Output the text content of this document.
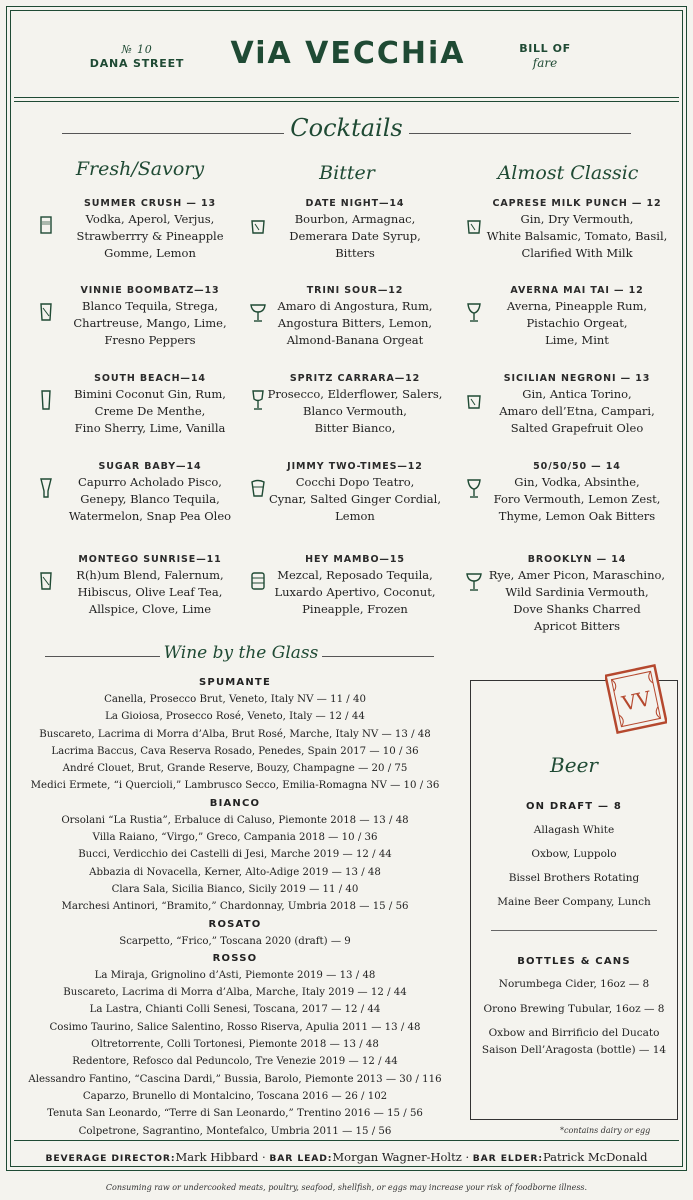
№ 10
DANA STREET	ViA VECCHiA	BILL OF
fare
Cocktails
Fresh/Savory	Bitter	Almost Classic
SUMMER CRUSH — 13
Vodka, Aperol, Verjus,
Strawberrry & Pineapple
Gomme, Lemon
VINNIE BOOMBATZ—13
Blanco Tequila, Strega,
Chartreuse, Mango, Lime,
Fresno Peppers
SOUTH BEACH—14
Bimini Coconut Gin, Rum,
Creme De Menthe,
Fino Sherry, Lime, Vanilla
SUGAR BABY—14
Capurro Acholado Pisco,
Genepy, Blanco Tequila,
Watermelon, Snap Pea Oleo
MONTEGO SUNRISE—11
R(h)um Blend, Falernum,
Hibiscus, Olive Leaf Tea,
Allspice, Clove, Lime
DATE NIGHT—14
Bourbon, Armagnac,
Demerara Date Syrup,
Bitters
TRINI SOUR—12
Amaro di Angostura, Rum,
Angostura Bitters, Lemon,
Almond-Banana Orgeat
SPRITZ CARRARA—12
Prosecco, Elderflower, Salers,
Blanco Vermouth,
Bitter Bianco,
JIMMY TWO-TIMES—12
Cocchi Dopo Teatro,
Cynar, Salted Ginger Cordial,
Lemon
HEY MAMBO—15
Mezcal, Reposado Tequila,
Luxardo Apertivo, Coconut,
Pineapple, Frozen
CAPRESE MILK PUNCH — 12
Gin, Dry Vermouth,
White Balsamic, Tomato, Basil,
Clarified With Milk
AVERNA MAI TAI — 12
Averna, Pineapple Rum,
Pistachio Orgeat,
Lime, Mint
SICILIAN NEGRONI — 13
Gin, Antica Torino,
Amaro dell’Etna, Campari,
Salted Grapefruit Oleo
50/50/50 — 14
Gin, Vodka, Absinthe,
Foro Vermouth, Lemon Zest,
Thyme, Lemon Oak Bitters
BROOKLYN — 14
Rye, Amer Picon, Maraschino,
Wild Sardinia Vermouth,
Dove Shanks Charred
Apricot Bitters
Wine by the Glass
SPUMANTE
Canella, Prosecco Brut, Veneto, Italy NV — 11 / 40
La Gioiosa, Prosecco Rosé, Veneto, Italy — 12 / 44
Buscareto, Lacrima di Morra d’Alba, Brut Rosé, Marche, Italy NV — 13 / 48
Lacrima Baccus, Cava Reserva Rosado, Penedes, Spain 2017 — 10 / 36
André Clouet, Brut, Grande Reserve, Bouzy, Champagne — 20 / 75
Medici Ermete, “i Quercioli,” Lambrusco Secco, Emilia-Romagna NV — 10 / 36
BIANCO
Orsolani “La Rustia”, Erbaluce di Caluso, Piemonte 2018 — 13 / 48
Villa Raiano, “Virgo,” Greco, Campania 2018 — 10 / 36
Bucci, Verdicchio dei Castelli di Jesi, Marche 2019 — 12 / 44
Abbazia di Novacella, Kerner, Alto-Adige 2019 — 13 / 48
Clara Sala, Sicilia Bianco, Sicily 2019 — 11 / 40
Marchesi Antinori, “Bramito,” Chardonnay, Umbria 2018 — 15 / 56
ROSATO
Scarpetto, “Frico,” Toscana 2020 (draft) — 9
ROSSO
La Miraja, Grignolino d’Asti, Piemonte 2019 — 13 / 48
Buscareto, Lacrima di Morra d’Alba, Marche, Italy 2019 — 12 / 44
La Lastra, Chianti Colli Senesi, Toscana, 2017 — 12 / 44
Cosimo Taurino, Salice Salentino, Rosso Riserva, Apulia 2011 — 13 / 48
Oltretorrente, Colli Tortonesi, Piemonte 2018 — 13 / 48
Redentore, Refosco dal Peduncolo, Tre Venezie 2019 — 12 / 44
Alessandro Fantino, “Cascina Dardi,” Bussia, Barolo, Piemonte 2013 — 30 / 116
Caparzo, Brunello di Montalcino, Toscana 2016 — 26 / 102
Tenuta San Leonardo, “Terre di San Leonardo,” Trentino 2016 — 15 / 56
Colpetrone, Sagrantino, Montefalco, Umbria 2011 — 15 / 56
Beer
ON DRAFT — 8
Allagash White
Oxbow, Luppolo
Bissel Brothers Rotating
Maine Beer Company, Lunch
BOTTLES & CANS
Norumbega Cider, 16oz — 8
Orono Brewing Tubular, 16oz — 8
Oxbow and Birrificio del Ducato
Saison Dell’Aragosta (bottle) — 14
VV
*contains dairy or egg
BEVERAGE DIRECTOR:Mark Hibbard · BAR LEAD:Morgan Wagner-Holtz · BAR ELDER:Patrick McDonald
Consuming raw or undercooked meats, poultry, seafood, shellfish, or eggs may increase your risk of foodborne illness.
